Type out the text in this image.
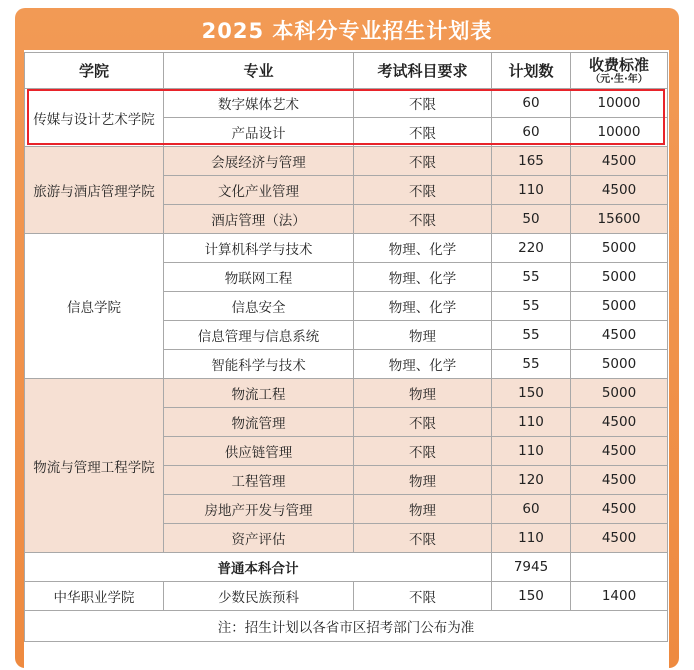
2025 本科分专业招生计划表
学院	专业	考试科目要求	计划数	收费标准
（元·生·年）

传媒与设计艺术学院	数字媒体艺术	不限	60	10000
	产品设计	不限	60	10000
旅游与酒店管理学院	会展经济与管理	不限	165	4500
	文化产业管理	不限	110	4500
	酒店管理（法）	不限	50	15600
信息学院	计算机科学与技术	物理、化学	220	5000
	物联网工程	物理、化学	55	5000
	信息安全	物理、化学	55	5000
	信息管理与信息系统	物理	55	4500
	智能科学与技术	物理、化学	55	5000
物流与管理工程学院	物流工程	物理	150	5000
	物流管理	不限	110	4500
	供应链管理	不限	110	4500
	工程管理	物理	120	4500
	房地产开发与管理	物理	60	4500
	资产评估	不限	110	4500
普通本科合计			7945	
中华职业学院	少数民族预科	不限	150	1400
注：招生计划以各省市区招考部门公布为准				
